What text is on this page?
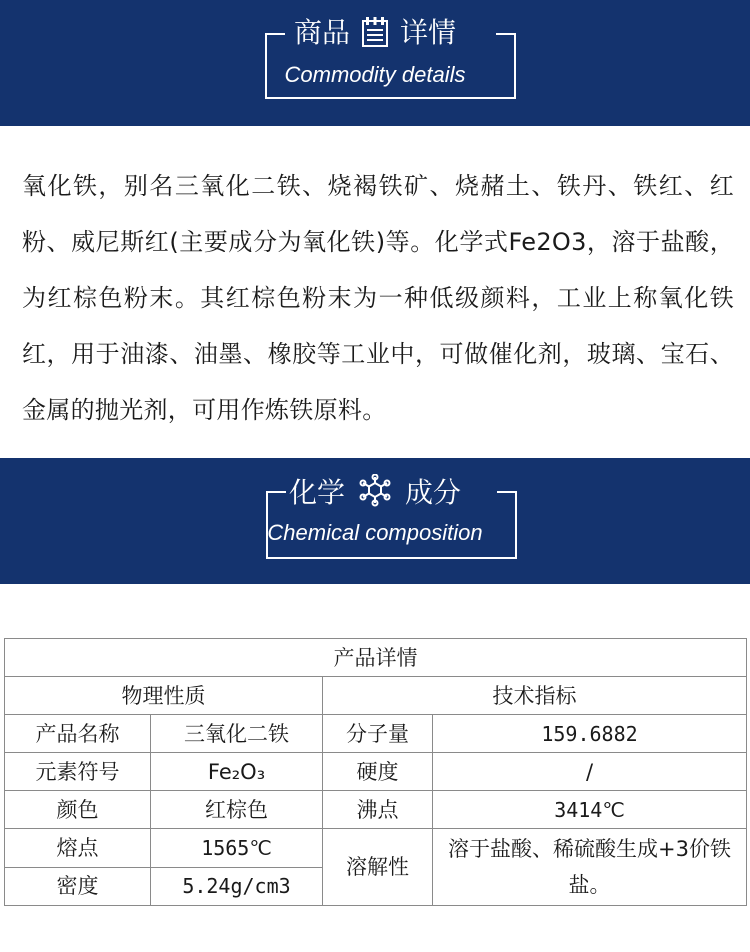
商品 详情
Commodity details

氧化铁，别名三氧化二铁、烧褐铁矿、烧赭土、铁丹、铁红、红粉、威尼斯红(主要成分为氧化铁)等。化学式Fe2O3，溶于盐酸，为红棕色粉末。其红棕色粉末为一种低级颜料，工业上称氧化铁红，用于油漆、油墨、橡胶等工业中，可做催化剂，玻璃、宝石、金属的抛光剂，可用作炼铁原料。

化学 成分
Chemical composition
产品详情			
物理性质		技术指标	
产品名称	三氧化二铁	分子量	159.6882
元素符号	Fe₂O₃	硬度	/
颜色	红棕色	沸点	3414℃
熔点	1565℃	溶解性	溶于盐酸、稀硫酸生成+3价铁盐。
密度	5.24g/cm3		
